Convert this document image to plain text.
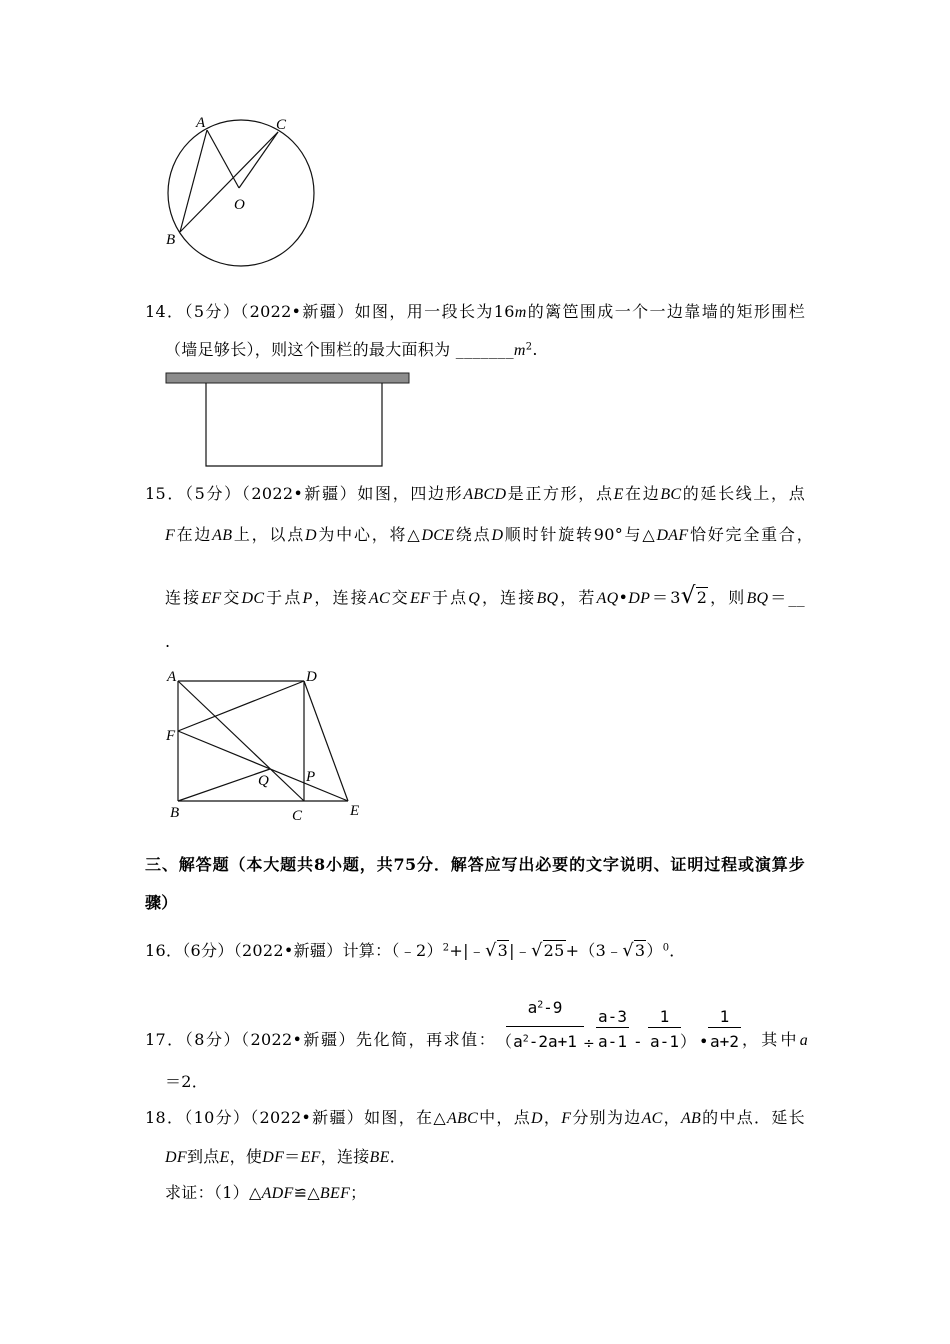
A	C
O
B
14．（5分）（2022•新疆）如图，用一段长为16m的篱笆围成一个一边靠墙的矩形围栏
（墙足够长），则这个围栏的最大面积为 $\_\_\_\_\_\_\_m^2$.
15．（5分）（2022•新疆）如图，四边形ABCD是正方形，点E在边BC的延长线上，点
F在边AB上，以点D为中心，将△DCE绕点D顺时针旋转90°与△DAF恰好完全重合，
连接EF交DC于点P，连接AC交EF于点Q，连接BQ，若AQ•DP＝3√2，则BQ＝__
.
A	D
F
Q P
B	C	E
三、解答题（本大题共8小题，共75分．解答应写出必要的文字说明、证明过程或演算步
骤）
16．（6分）（2022•新疆）计算：（﹣2）$^2$+|﹣√3|﹣√25+（3﹣√3）$^0$．
17．（8分）（2022•新疆）先化简，再求值： （
$a^2-9$
$a^2-2a+1$ ÷
a-3
a-1 -
1
a-1 ） •
1
a+2 ，其中a
＝2．
18．（10分）（2022•新疆）如图，在△ABC中，点D，F分别为边AC，AB的中点．延长
DF到点E，使DF＝EF，连接BE．
求证：（1）△ADF≌△BEF；
